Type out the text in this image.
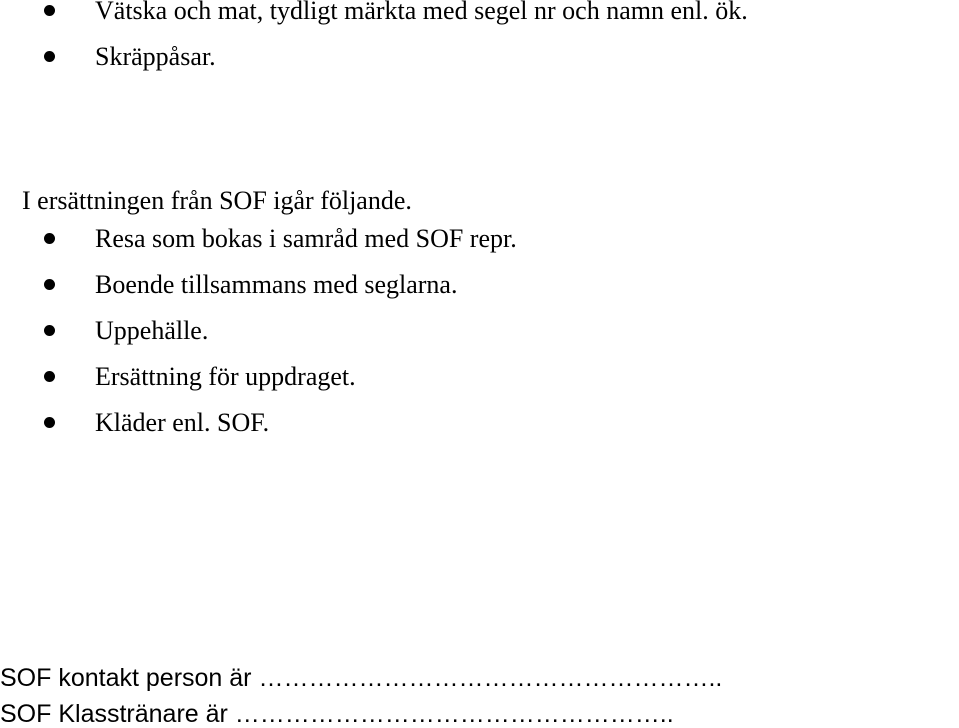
Vätska och mat, tydligt märkta med segel nr och namn enl. ök.
Skräppåsar.
I ersättningen från SOF igår följande.
Resa som bokas i samråd med SOF repr.
Boende tillsammans med seglarna.
Uppehälle.
Ersättning för uppdraget.
Kläder enl. SOF.
SOF kontakt person är ………………………………………………..
SOF Klasstränare är ……………………………………………..
